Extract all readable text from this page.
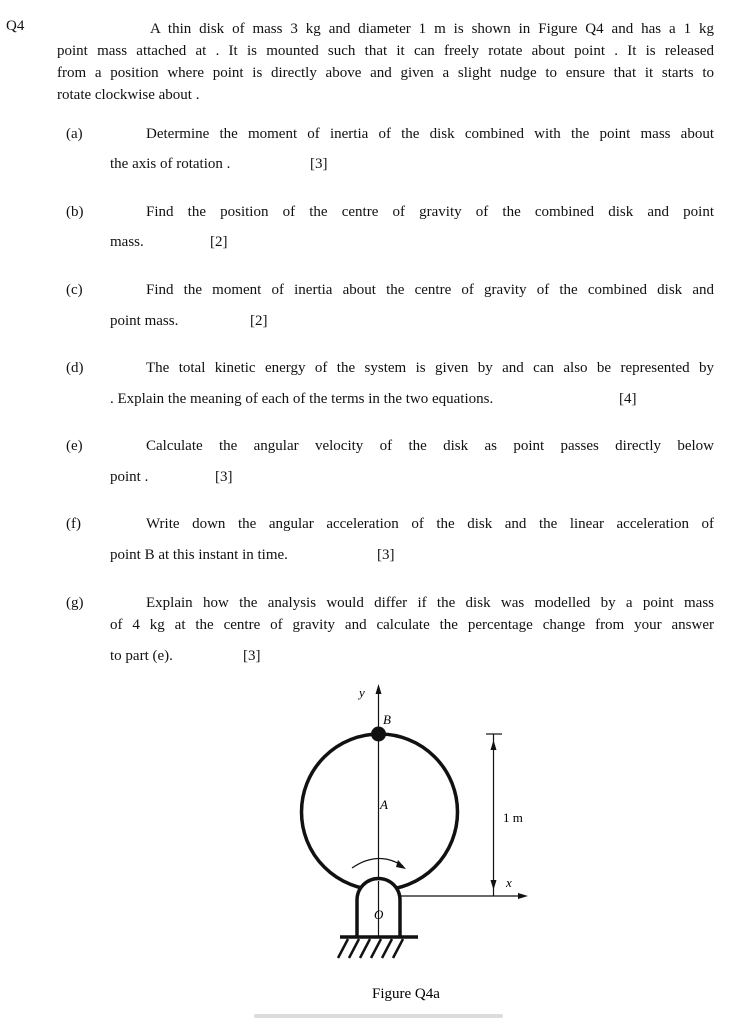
Q4	A thin disk of mass 3 kg and diameter 1 m is shown in Figure Q4 and has a 1 kg
point mass attached at . It is mounted such that it can freely rotate about point . It is released
from a position where point is directly above and given a slight nudge to ensure that it starts to
rotate clockwise about .
(a)	Determine the moment of inertia of the disk combined with the point mass about
the axis of rotation .	[3]
(b)	Find the position of the centre of gravity of the combined disk and point
mass.	[2]
(c)	Find the moment of inertia about the centre of gravity of the combined disk and
point mass.	[2]
(d)	The total kinetic energy of the system is given by and can also be represented by
. Explain the meaning of each of the terms in the two equations.	[4]
(e)	Calculate the angular velocity of the disk as point passes directly below
point .	[3]
(f)	Write down the angular acceleration of the disk and the linear acceleration of
point B at this instant in time.	[3]
(g)	Explain how the analysis would differ if the disk was modelled by a point mass
of 4 kg at the centre of gravity and calculate the percentage change from your answer
to part (e).	[3]
y
B
A
O
x
1 m
Figure Q4a
